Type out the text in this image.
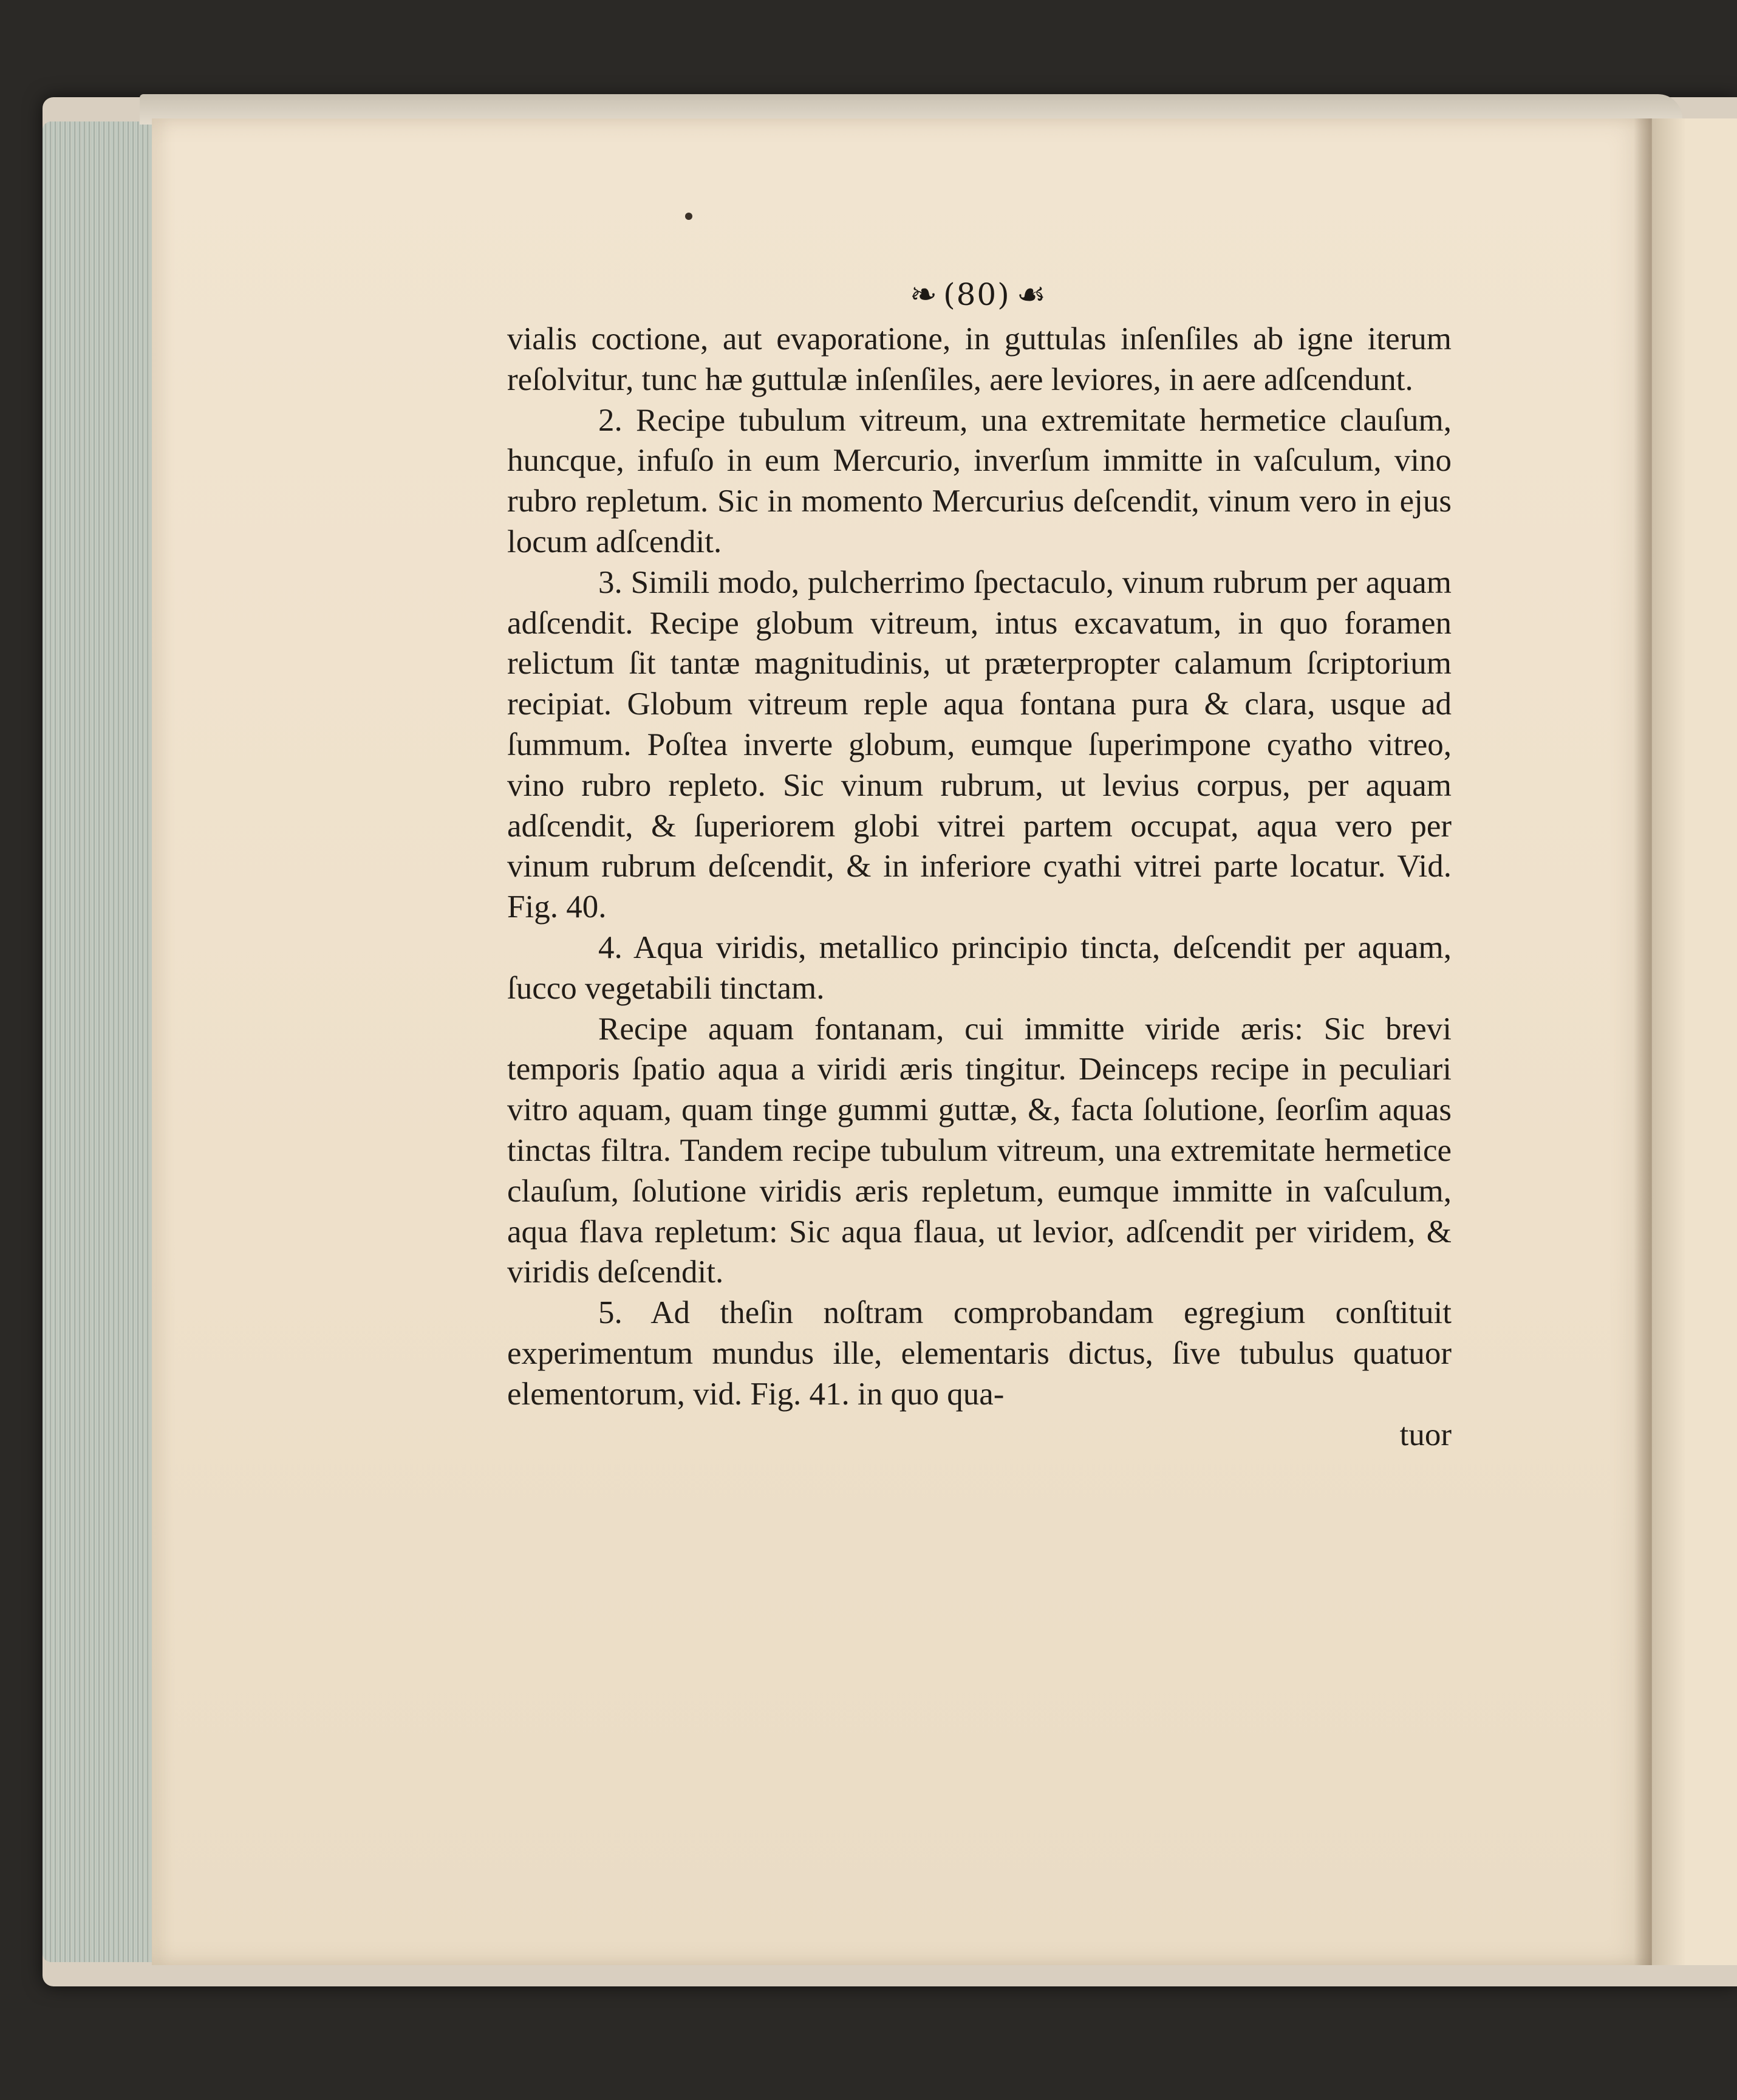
❧ (80) ☙

vialis coctione, aut evaporatione, in guttulas inſenſiles ab igne iterum reſolvitur, tunc hæ guttulæ inſenſiles, aere leviores, in aere adſcendunt.

2. Recipe tubulum vitreum, una extremitate hermetice clauſum, huncque, infuſo in eum Mercurio, inverſum immitte in vaſculum, vino rubro repletum. Sic in momento Mercurius deſcendit, vinum vero in ejus locum adſcendit.

3. Simili modo, pulcherrimo ſpectaculo, vinum rubrum per aquam adſcendit. Recipe globum vitreum, intus excavatum, in quo foramen relictum ſit tantæ magnitudinis, ut præterpropter calamum ſcriptorium recipiat. Globum vitreum reple aqua fontana pura & clara, usque ad ſummum. Poſtea inverte globum, eumque ſuperimpone cyatho vitreo, vino rubro repleto. Sic vinum rubrum, ut levius corpus, per aquam adſcendit, & ſuperiorem globi vitrei partem occupat, aqua vero per vinum rubrum deſcendit, & in inferiore cyathi vitrei parte locatur. Vid. Fig. 40.

4. Aqua viridis, metallico principio tincta, deſcendit per aquam, ſucco vegetabili tinctam.

Recipe aquam fontanam, cui immitte viride æris: Sic brevi temporis ſpatio aqua a viridi æris tingitur. Deinceps recipe in peculiari vitro aquam, quam tinge gummi guttæ, &, facta ſolutione, ſeorſim aquas tinctas filtra. Tandem recipe tubulum vitreum, una extremitate hermetice clauſum, ſolutione viridis æris repletum, eumque immitte in vaſculum, aqua flava repletum: Sic aqua flaua, ut levior, adſcendit per viridem, & viridis deſcendit.

5. Ad theſin noſtram comprobandam egregium conſtituit experimentum mundus ille, elementaris dictus, ſive tubulus quatuor elementorum, vid. Fig. 41. in quo qua-

tuor
